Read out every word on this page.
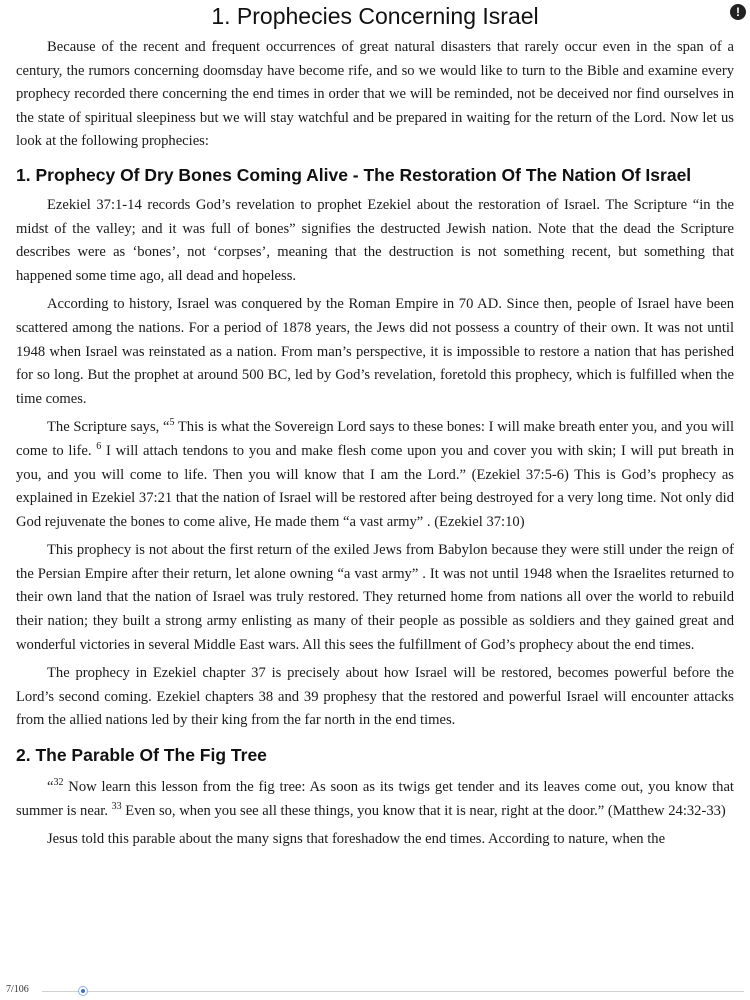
1. Prophecies Concerning Israel	!

Because of the recent and frequent occurrences of great natural disasters that rarely occur even in the span of a century, the rumors concerning doomsday have become rife, and so we would like to turn to the Bible and examine every prophecy recorded there concerning the end times in order that we will be reminded, not be deceived nor find ourselves in the state of spiritual sleepiness but we will stay watchful and be prepared in waiting for the return of the Lord. Now let us look at the following prophecies:

1. Prophecy Of Dry Bones Coming Alive - The Restoration Of The Nation Of Israel

Ezekiel 37:1-14 records God’s revelation to prophet Ezekiel about the restoration of Israel. The Scripture “in the midst of the valley; and it was full of bones” signifies the destructed Jewish nation. Note that the dead the Scripture describes were as ‘bones’, not ‘corpses’, meaning that the destruction is not something recent, but something that happened some time ago, all dead and hopeless.

According to history, Israel was conquered by the Roman Empire in 70 AD. Since then, people of Israel have been scattered among the nations. For a period of 1878 years, the Jews did not possess a country of their own. It was not until 1948 when Israel was reinstated as a nation. From man’s perspective, it is impossible to restore a nation that has perished for so long. But the prophet at around 500 BC, led by God’s revelation, foretold this prophecy, which is fulfilled when the time comes.

The Scripture says, “$^5$ This is what the Sovereign Lord says to these bones: I will make breath enter you, and you will come to life. $^6$ I will attach tendons to you and make flesh come upon you and cover you with skin; I will put breath in you, and you will come to life. Then you will know that I am the Lord.” (Ezekiel 37:5-6) This is God’s prophecy as explained in Ezekiel 37:21 that the nation of Israel will be restored after being destroyed for a very long time. Not only did God rejuvenate the bones to come alive, He made them “a vast army” . (Ezekiel 37:10)

This prophecy is not about the first return of the exiled Jews from Babylon because they were still under the reign of the Persian Empire after their return, let alone owning “a vast army” . It was not until 1948 when the Israelites returned to their own land that the nation of Israel was truly restored. They returned home from nations all over the world to rebuild their nation; they built a strong army enlisting as many of their people as possible as soldiers and they gained great and wonderful victories in several Middle East wars. All this sees the fulfillment of God’s prophecy about the end times.

The prophecy in Ezekiel chapter 37 is precisely about how Israel will be restored, becomes powerful before the Lord’s second coming. Ezekiel chapters 38 and 39 prophesy that the restored and powerful Israel will encounter attacks from the allied nations led by their king from the far north in the end times.

2. The Parable Of The Fig Tree

“$^{32}$ Now learn this lesson from the fig tree: As soon as its twigs get tender and its leaves come out, you know that summer is near. $^{33}$ Even so, when you see all these things, you know that it is near, right at the door.” (Matthew 24:32-33)

Jesus told this parable about the many signs that foreshadow the end times. According to nature, when the

7/106
